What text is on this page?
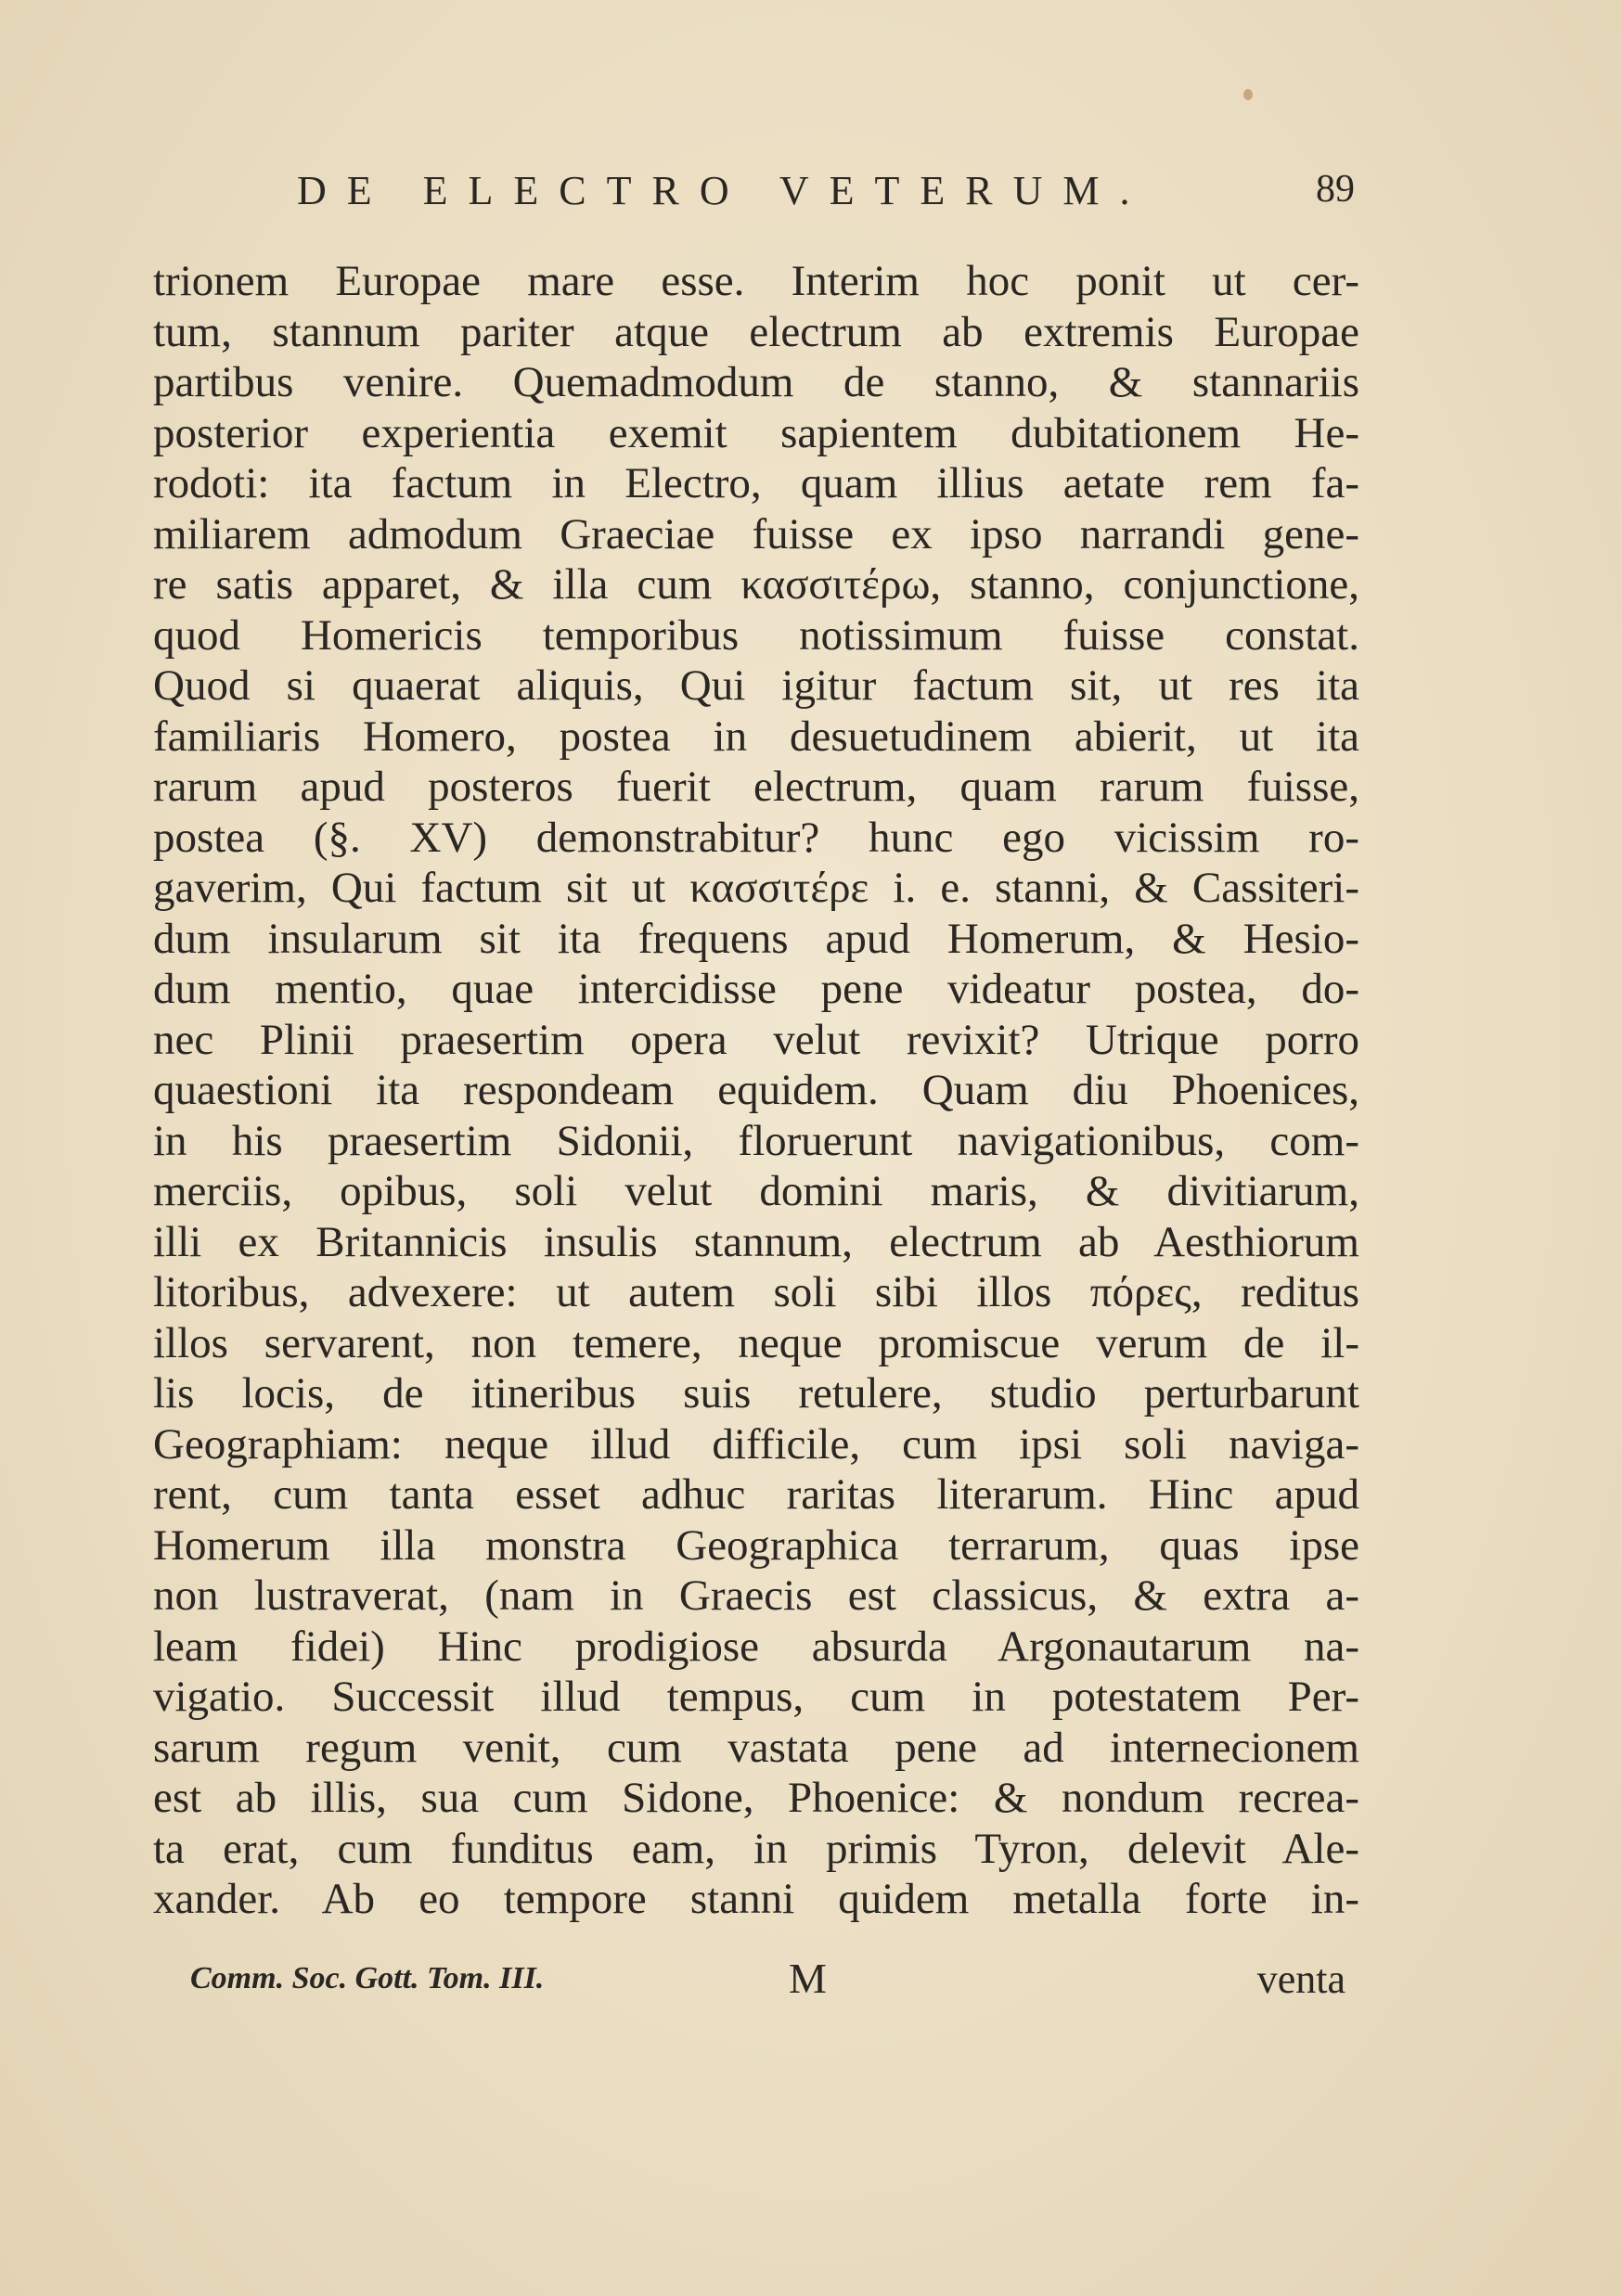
DE ELECTRO VETERUM.	89
trionem Europae mare esse. Interim hoc ponit ut cer-
tum, stannum pariter atque electrum ab extremis Europae
partibus venire. Quemadmodum de stanno, & stannariis
posterior experientia exemit sapientem dubitationem He-
rodoti: ita factum in Electro, quam illius aetate rem fa-
miliarem admodum Graeciae fuisse ex ipso narrandi gene-
re satis apparet, & illa cum κασσιτέρω, stanno, conjunctione,
quod Homericis temporibus notissimum fuisse constat.
Quod si quaerat aliquis, Qui igitur factum sit, ut res ita
familiaris Homero, postea in desuetudinem abierit, ut ita
rarum apud posteros fuerit electrum, quam rarum fuisse,
postea (§. XV) demonstrabitur? hunc ego vicissim ro-
gaverim, Qui factum sit ut κασσιτέρε i. e. stanni, & Cassiteri-
dum insularum sit ita frequens apud Homerum, & Hesio-
dum mentio, quae intercidisse pene videatur postea, do-
nec Plinii praesertim opera velut revixit? Utrique porro
quaestioni ita respondeam equidem. Quam diu Phoenices,
in his praesertim Sidonii, floruerunt navigationibus, com-
merciis, opibus, soli velut domini maris, & divitiarum,
illi ex Britannicis insulis stannum, electrum ab Aesthiorum
litoribus, advexere: ut autem soli sibi illos πόρες, reditus
illos servarent, non temere, neque promiscue verum de il-
lis locis, de itineribus suis retulere, studio perturbarunt
Geographiam: neque illud difficile, cum ipsi soli naviga-
rent, cum tanta esset adhuc raritas literarum. Hinc apud
Homerum illa monstra Geographica terrarum, quas ipse
non lustraverat, (nam in Graecis est classicus, & extra a-
leam fidei) Hinc prodigiose absurda Argonautarum na-
vigatio. Successit illud tempus, cum in potestatem Per-
sarum regum venit, cum vastata pene ad internecionem
est ab illis, sua cum Sidone, Phoenice: & nondum recrea-
ta erat, cum funditus eam, in primis Tyron, delevit Ale-
xander. Ab eo tempore stanni quidem metalla forte in-
Comm. Soc. Gott. Tom. III.	M	venta
